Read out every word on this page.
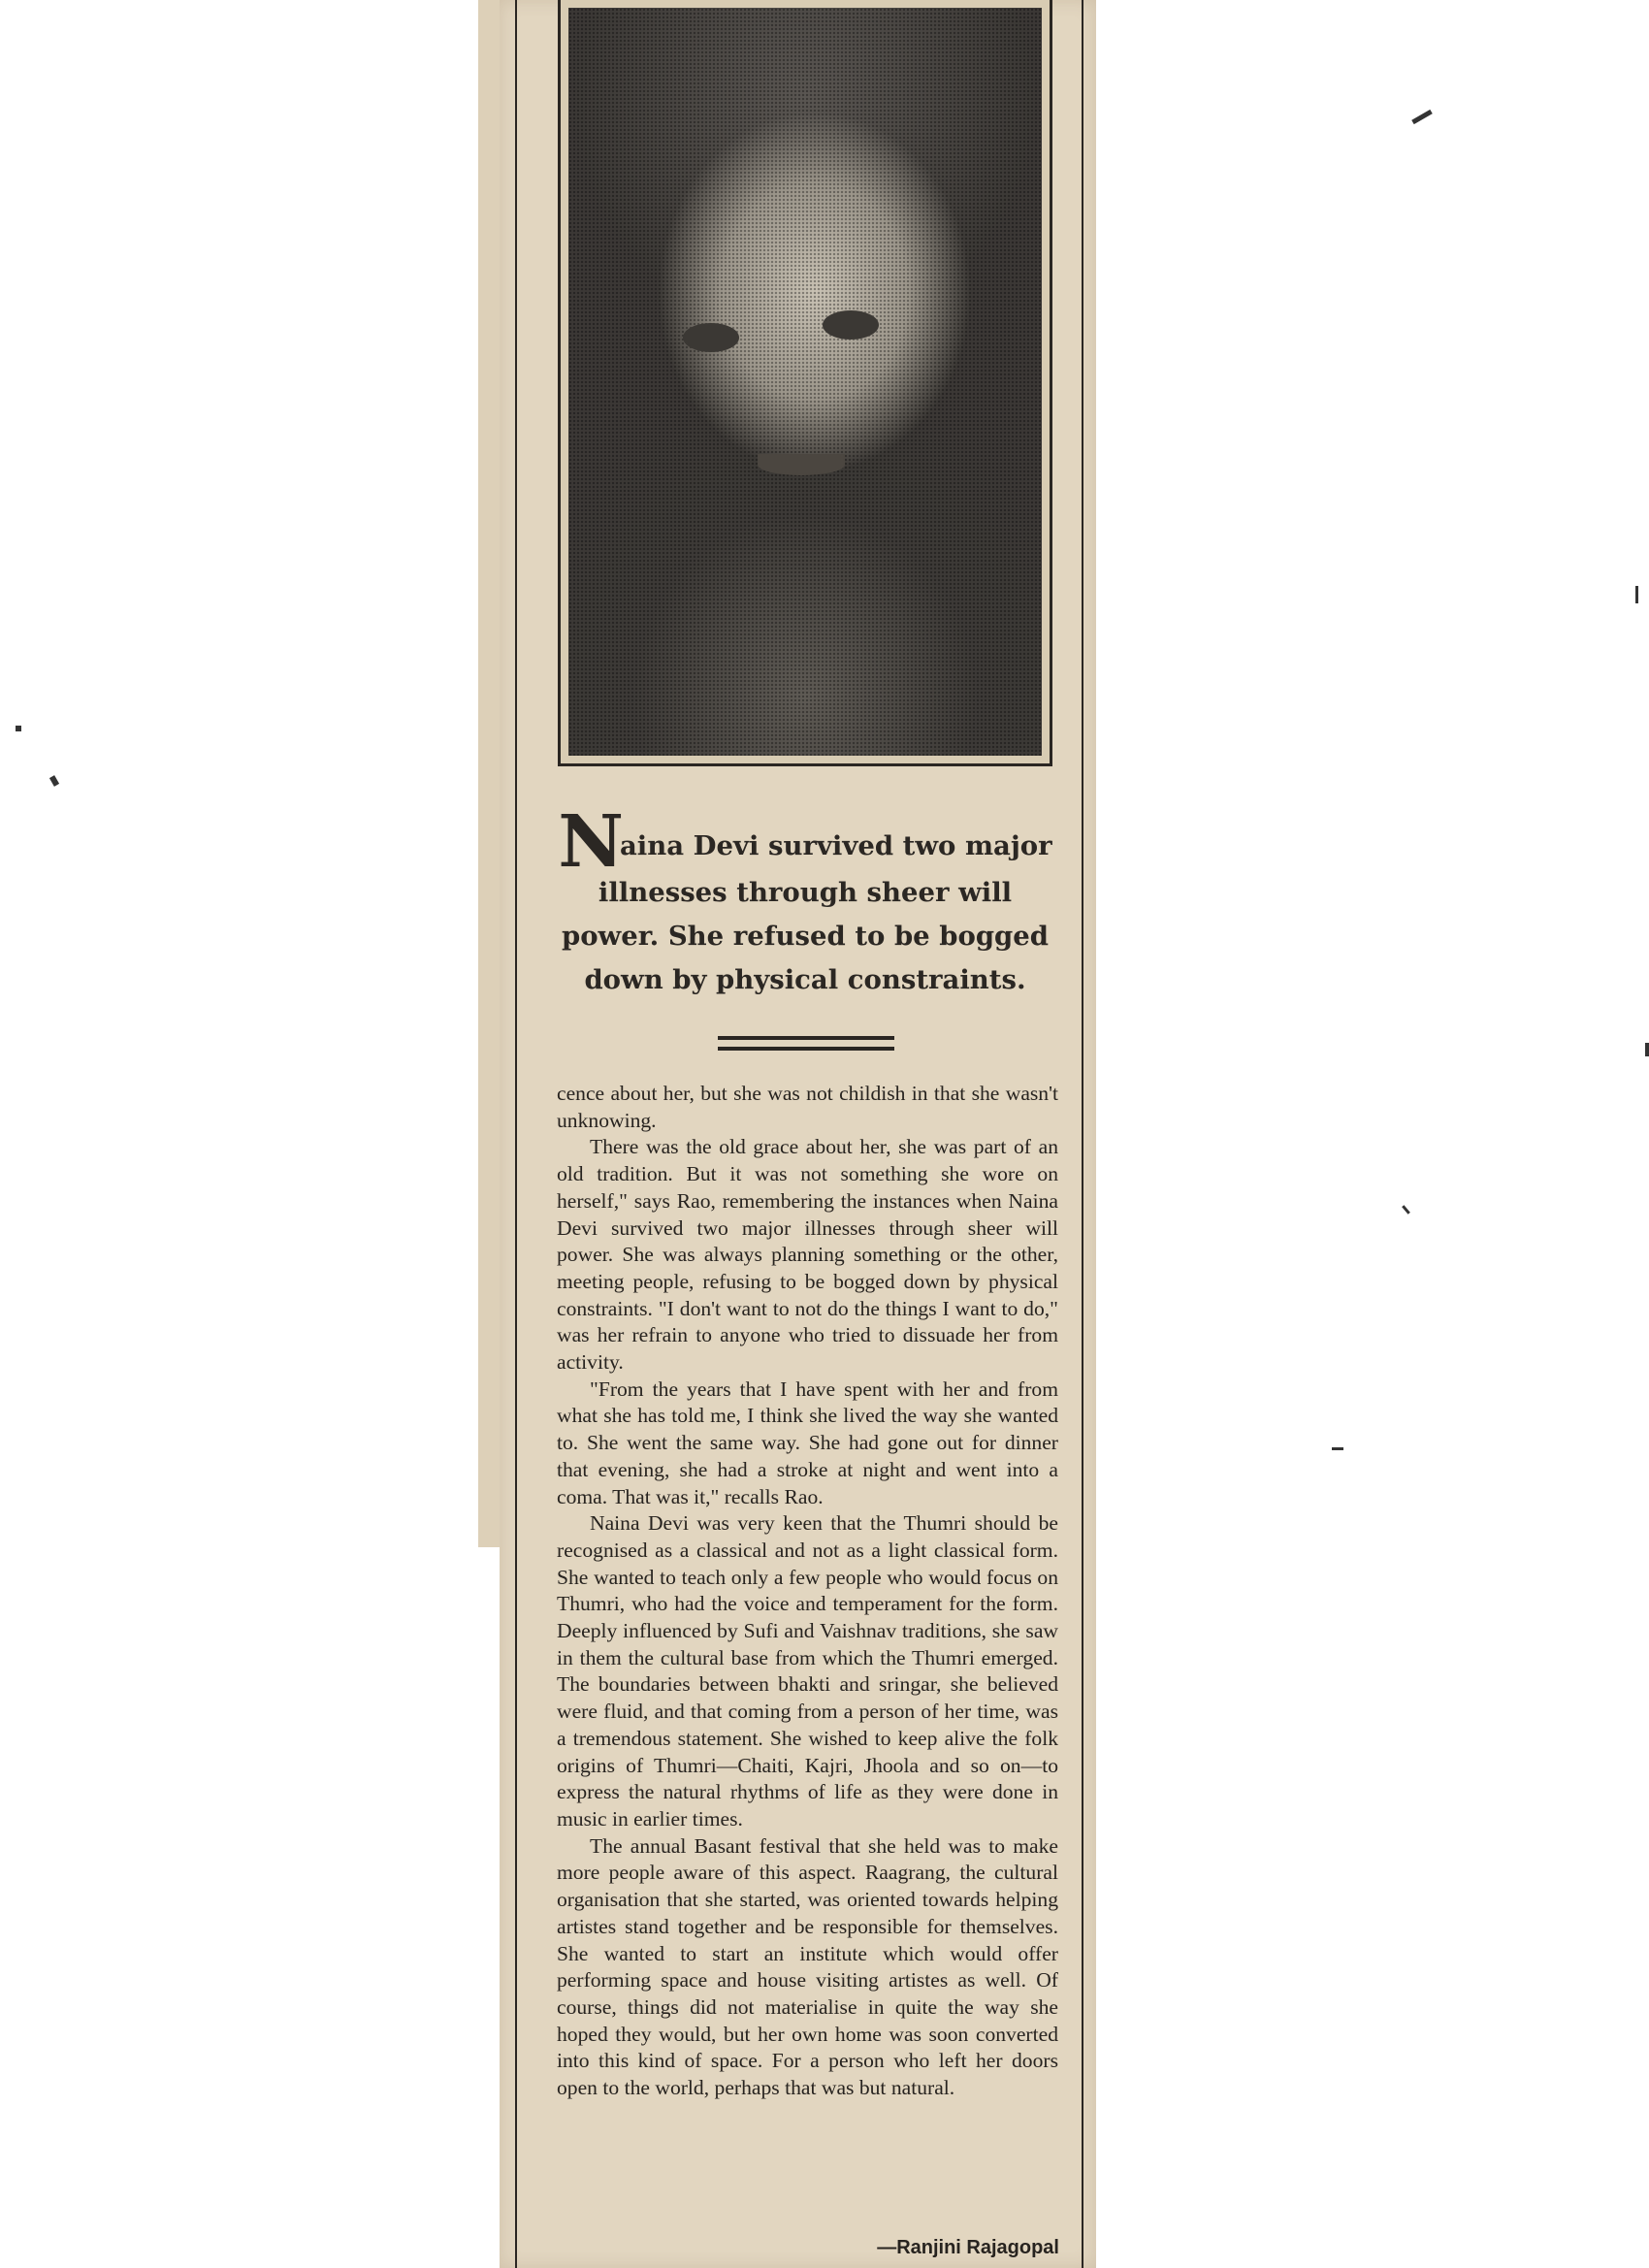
Naina Devi survived two major illnesses through sheer will power. She refused to be bogged down by physical constraints.

cence about her, but she was not childish in that she wasn't unknowing.

There was the old grace about her, she was part of an old tradition. But it was not something she wore on herself," says Rao, remembering the instances when Naina Devi survived two major illnesses through sheer will power. She was always planning something or the other, meeting people, refusing to be bogged down by physical constraints. "I don't want to not do the things I want to do," was her refrain to anyone who tried to dissuade her from activity.

"From the years that I have spent with her and from what she has told me, I think she lived the way she wanted to. She went the same way. She had gone out for dinner that evening, she had a stroke at night and went into a coma. That was it," recalls Rao.

Naina Devi was very keen that the Thumri should be recognised as a classical and not as a light classical form. She wanted to teach only a few people who would focus on Thumri, who had the voice and temperament for the form. Deeply influenced by Sufi and Vaishnav traditions, she saw in them the cultural base from which the Thumri emerged. The boundaries between bhakti and sringar, she believed were fluid, and that coming from a person of her time, was a tremendous statement. She wished to keep alive the folk origins of Thumri—Chaiti, Kajri, Jhoola and so on—to express the natural rhythms of life as they were done in music in earlier times.

The annual Basant festival that she held was to make more people aware of this aspect. Raagrang, the cultural organisation that she started, was oriented towards helping artistes stand together and be responsible for themselves. She wanted to start an institute which would offer performing space and house visiting artistes as well. Of course, things did not materialise in quite the way she hoped they would, but her own home was soon converted into this kind of space. For a person who left her doors open to the world, perhaps that was but natural.

—Ranjini Rajagopal
